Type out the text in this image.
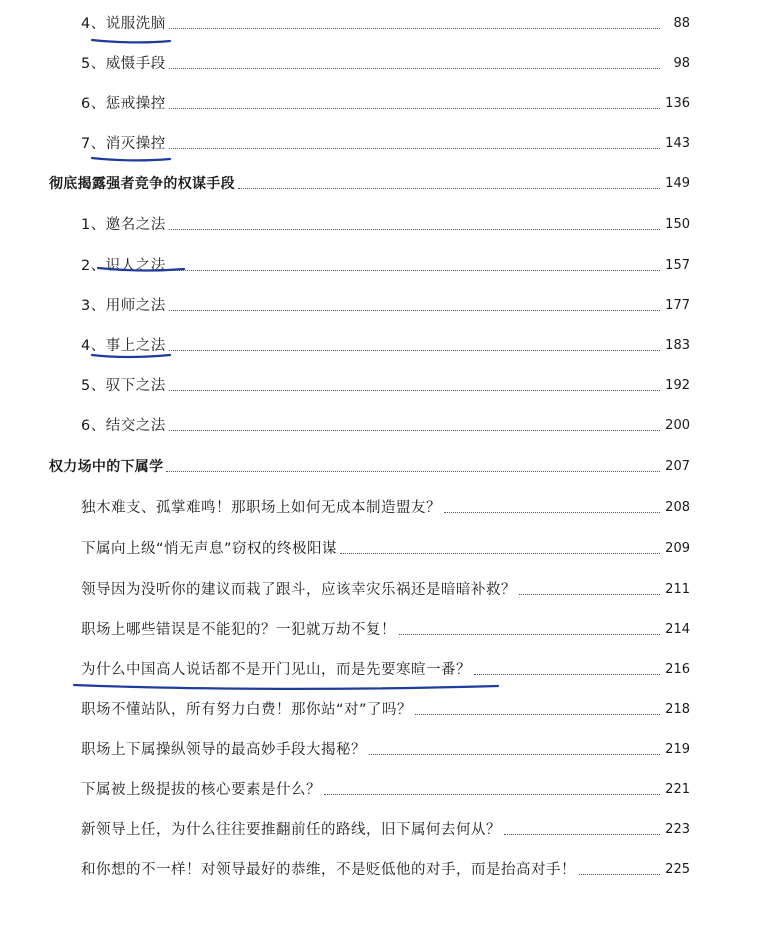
4、说服洗脑	88
5、威慑手段	98
6、惩戒操控	136
7、消灭操控	143
彻底揭露强者竞争的权谋手段	149
1、邀名之法	150
2、识人之法	157
3、用师之法	177
4、事上之法	183
5、驭下之法	192
6、结交之法	200
权力场中的下属学	207
独木难支、孤掌难鸣！那职场上如何无成本制造盟友？	208
下属向上级“悄无声息”窃权的终极阳谋	209
领导因为没听你的建议而栽了跟斗，应该幸灾乐祸还是暗暗补救？	211
职场上哪些错误是不能犯的？一犯就万劫不复！	214
为什么中国高人说话都不是开门见山，而是先要寒暄一番？	216
职场不懂站队，所有努力白费！那你站“对”了吗？	218
职场上下属操纵领导的最高妙手段大揭秘？	219
下属被上级提拔的核心要素是什么？	221
新领导上任，为什么往往要推翻前任的路线，旧下属何去何从？	223
和你想的不一样！对领导最好的恭维，不是贬低他的对手，而是抬高对手！	225
